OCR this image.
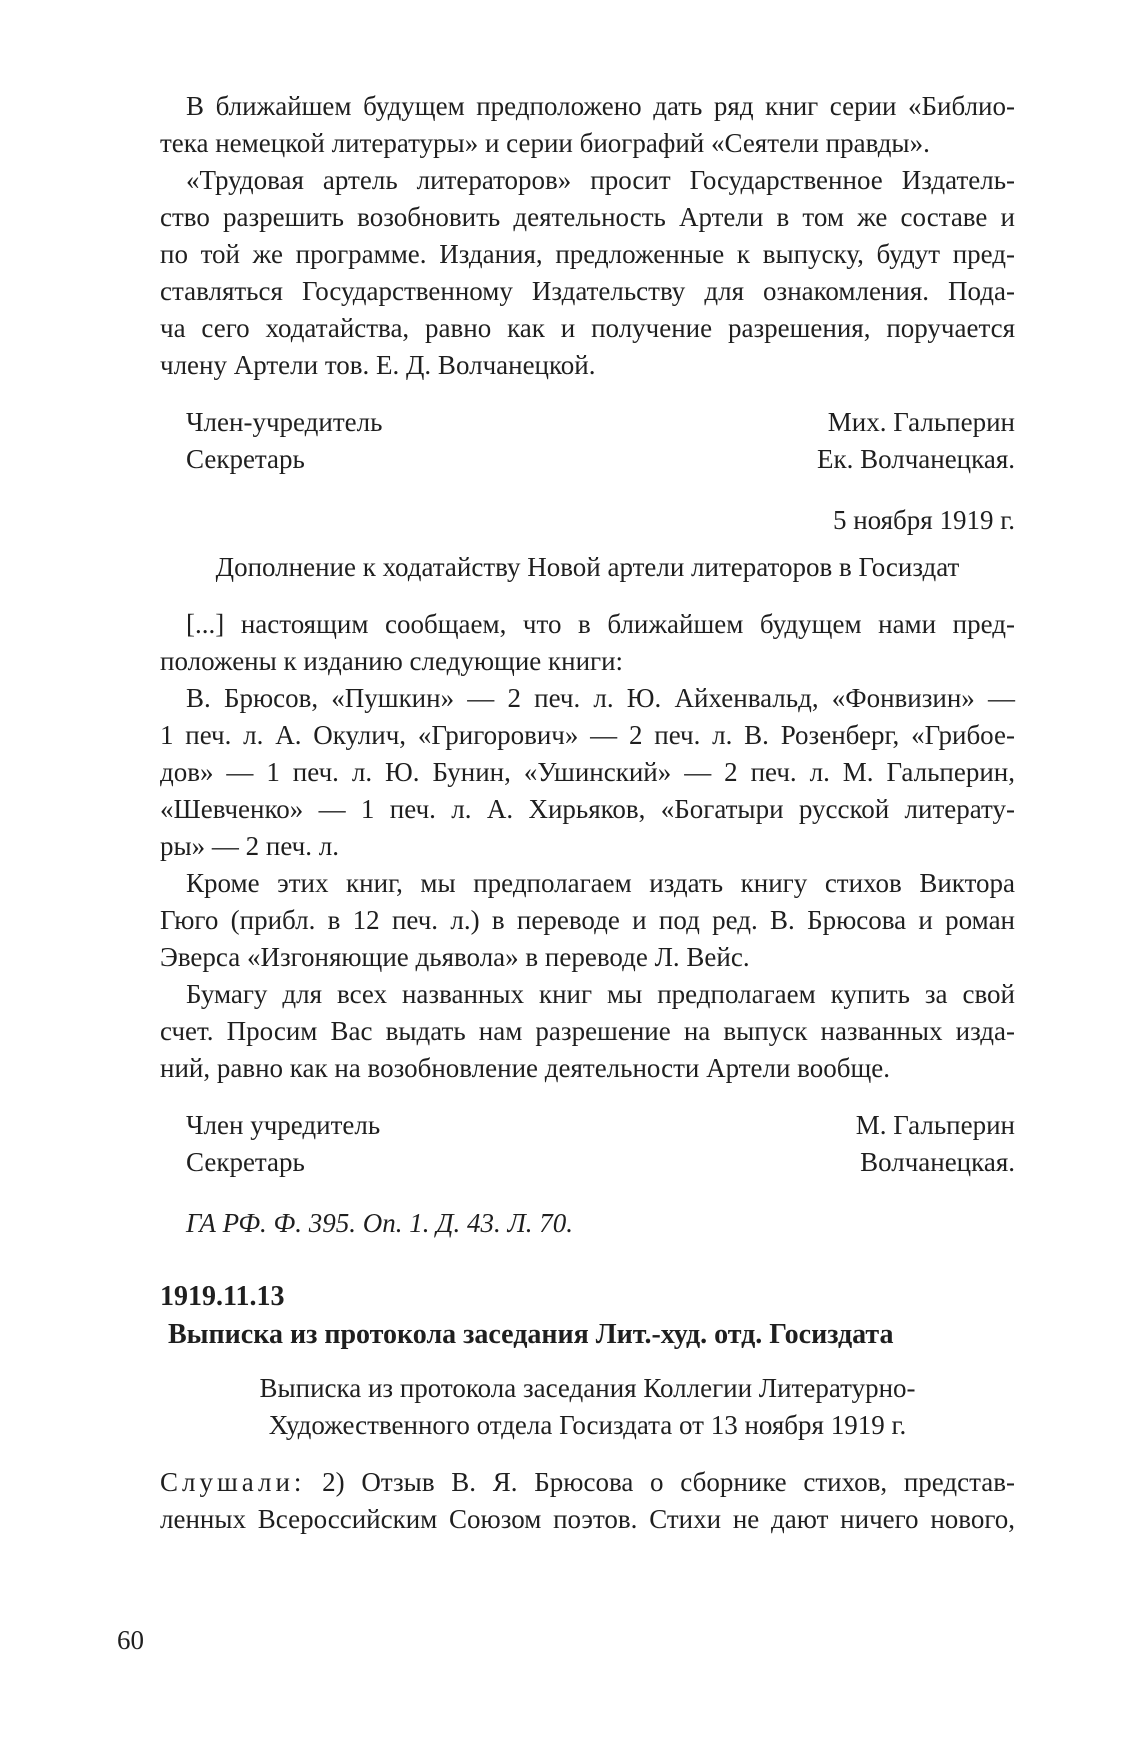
В ближайшем будущем предположено дать ряд книг серии «Библио-
тека немецкой литературы» и серии биографий «Сеятели правды».
«Трудовая артель литераторов» просит Государственное Издатель-
ство разрешить возобновить деятельность Артели в том же составе и
по той же программе. Издания, предложенные к выпуску, будут пред-
ставляться Государственному Издательству для ознакомления. Пода-
ча сего ходатайства, равно как и получение разрешения, поручается
члену Артели тов. Е. Д. Волчанецкой.
Член-учредитель	Мих. Гальперин
Секретарь	Ек. Волчанецкая.
5 ноября 1919 г.
Дополнение к ходатайству Новой артели литераторов в Госиздат
[...] настоящим сообщаем, что в ближайшем будущем нами пред-
положены к изданию следующие книги:
В. Брюсов, «Пушкин» — 2 печ. л. Ю. Айхенвальд, «Фонвизин» —
1 печ. л. А. Окулич, «Григорович» — 2 печ. л. В. Розенберг, «Грибое-
дов» — 1 печ. л. Ю. Бунин, «Ушинский» — 2 печ. л. М. Гальперин,
«Шевченко» — 1 печ. л. А. Хирьяков, «Богатыри русской литерату-
ры» — 2 печ. л.
Кроме этих книг, мы предполагаем издать книгу стихов Виктора
Гюго (прибл. в 12 печ. л.) в переводе и под ред. В. Брюсова и роман
Эверса «Изгоняющие дьявола» в переводе Л. Вейс.
Бумагу для всех названных книг мы предполагаем купить за свой
счет. Просим Вас выдать нам разрешение на выпуск названных изда-
ний, равно как на возобновление деятельности Артели вообще.
Член учредитель	М. Гальперин
Секретарь	Волчанецкая.
ГА РФ. Ф. 395. Оп. 1. Д. 43. Л. 70.
1919.11.13
Выписка из протокола заседания Лит.-худ. отд. Госиздата
Выписка из протокола заседания Коллегии Литературно-
Художественного отдела Госиздата от 13 ноября 1919 г.
Слушали: 2) Отзыв В. Я. Брюсова о сборнике стихов, представ-
ленных Всероссийским Союзом поэтов. Стихи не дают ничего нового,
60
